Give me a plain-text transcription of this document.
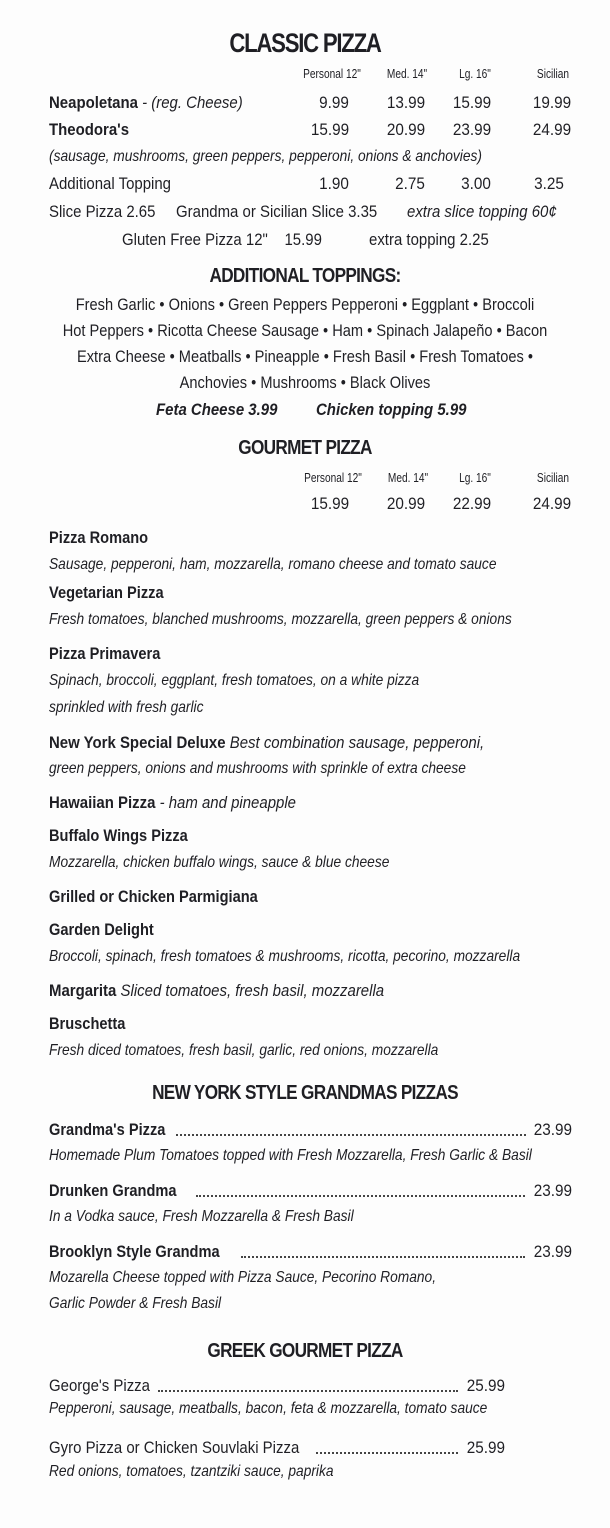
CLASSIC PIZZA
Personal 12"	Med. 14"	Lg. 16"	Sicilian
Neapoletana - (reg. Cheese)	9.99	13.99	15.99	19.99
Theodora's	15.99	20.99	23.99	24.99
(sausage, mushrooms, green peppers, pepperoni, onions & anchovies)
Additional Topping	1.90	2.75	3.00	3.25
Slice Pizza 2.65 Grandma or Sicilian Slice 3.35 extra slice topping 60¢
Gluten Free Pizza 12"    15.99	extra topping 2.25
ADDITIONAL TOPPINGS:
Fresh Garlic • Onions • Green Peppers Pepperoni • Eggplant • Broccoli
Hot Peppers • Ricotta Cheese Sausage • Ham • Spinach Jalapeño • Bacon
Extra Cheese • Meatballs • Pineapple • Fresh Basil • Fresh Tomatoes •
Anchovies • Mushrooms • Black Olives
Feta Cheese 3.99 Chicken topping 5.99
GOURMET PIZZA
Personal 12"	Med. 14"	Lg. 16"	Sicilian
15.99	20.99	22.99	24.99
Pizza Romano
Sausage, pepperoni, ham, mozzarella, romano cheese and tomato sauce
Vegetarian Pizza
Fresh tomatoes, blanched mushrooms, mozzarella, green peppers & onions
Pizza Primavera
Spinach, broccoli, eggplant, fresh tomatoes, on a white pizza
sprinkled with fresh garlic
New York Special Deluxe Best combination sausage, pepperoni,
green peppers, onions and mushrooms with sprinkle of extra cheese
Hawaiian Pizza - ham and pineapple
Buffalo Wings Pizza
Mozzarella, chicken buffalo wings, sauce & blue cheese
Grilled or Chicken Parmigiana
Garden Delight
Broccoli, spinach, fresh tomatoes & mushrooms, ricotta, pecorino, mozzarella
Margarita Sliced tomatoes, fresh basil, mozzarella
Bruschetta
Fresh diced tomatoes, fresh basil, garlic, red onions, mozzarella
NEW YORK STYLE GRANDMAS PIZZAS
Grandma's Pizza	23.99
Homemade Plum Tomatoes topped with Fresh Mozzarella, Fresh Garlic & Basil
Drunken Grandma	23.99
In a Vodka sauce, Fresh Mozzarella & Fresh Basil
Brooklyn Style Grandma	23.99
Mozarella Cheese topped with Pizza Sauce, Pecorino Romano,
Garlic Powder & Fresh Basil
GREEK GOURMET PIZZA
George's Pizza	25.99
Pepperoni, sausage, meatballs, bacon, feta & mozzarella, tomato sauce
Gyro Pizza or Chicken Souvlaki Pizza	25.99
Red onions, tomatoes, tzantziki sauce, paprika
